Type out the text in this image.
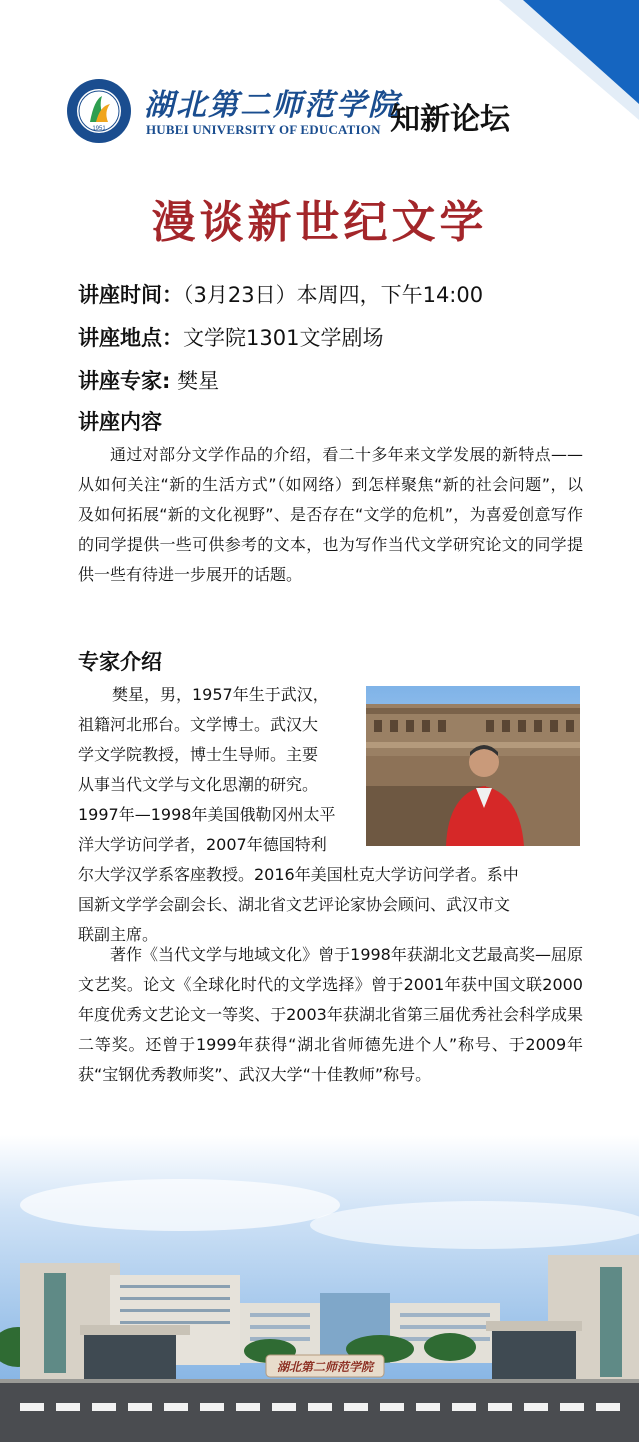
1951
湖北第二师范学院
HUBEI UNIVERSITY OF EDUCATION 知新论坛
漫谈新世纪文学
讲座时间：（3月23日）本周四，下午14:00
讲座地点：文学院1301文学剧场
讲座专家: 樊星
讲座内容
通过对部分文学作品的介绍，看二十多年来文学发展的新特点——从如何关注“新的生活方式”（如网络）到怎样聚焦“新的社会问题”，以及如何拓展“新的文化视野”、是否存在“文学的危机”，为喜爱创意写作的同学提供一些可供参考的文本，也为写作当代文学研究论文的同学提供一些有待进一步展开的话题。
专家介绍
樊星，男，1957年生于武汉，
祖籍河北邢台。文学博士。武汉大
学文学院教授，博士生导师。主要
从事当代文学与文化思潮的研究。
1997年—1998年美国俄勒冈州太平
洋大学访问学者，2007年德国特利
尔大学汉学系客座教授。2016年美国杜克大学访问学者。系中
国新文学学会副会长、湖北省文艺评论家协会顾问、武汉市文
联副主席。
著作《当代文学与地域文化》曾于1998年获湖北文艺最高奖—屈原文艺奖。论文《全球化时代的文学选择》曾于2001年获中国文联2000年度优秀文艺论文一等奖、于2003年获湖北省第三届优秀社会科学成果二等奖。还曾于1999年获得“湖北省师德先进个人”称号、于2009年获“宝钢优秀教师奖”、武汉大学“十佳教师”称号。
湖北第二师范学院
